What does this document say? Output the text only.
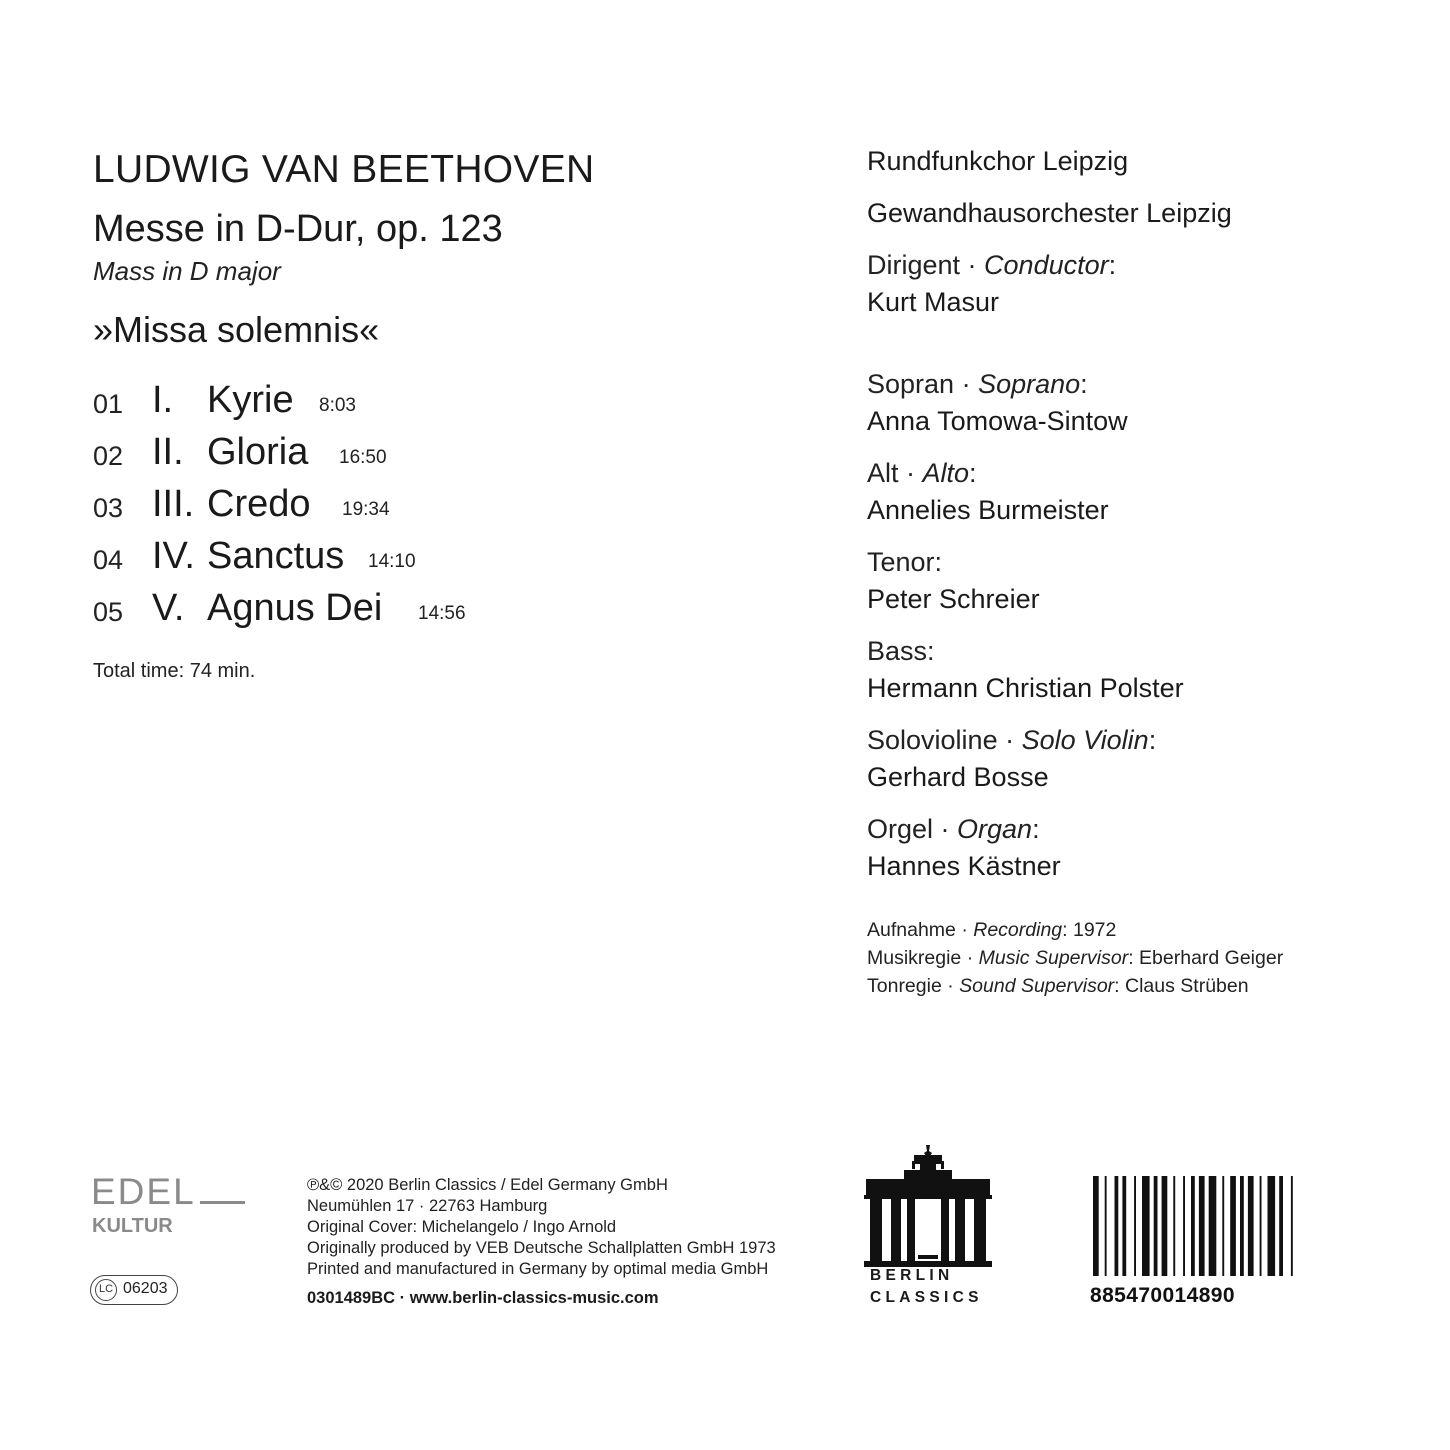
LUDWIG VAN BEETHOVEN
Messe in D-Dur, op. 123
Mass in D major
»Missa solemnis«
01 I. Kyrie 8:03
02 II. Gloria 16:50
03 III. Credo 19:34
04 IV. Sanctus 14:10
05 V. Agnus Dei 14:56
Total time: 74 min.
Rundfunkchor Leipzig
Gewandhausorchester Leipzig
Dirigent · Conductor:
Kurt Masur
Sopran · Soprano:
Anna Tomowa-Sintow
Alt · Alto:
Annelies Burmeister
Tenor:
Peter Schreier
Bass:
Hermann Christian Polster
Solovioline · Solo Violin:
Gerhard Bosse
Orgel · Organ:
Hannes Kästner
Aufnahme · Recording: 1972
Musikregie · Music Supervisor: Eberhard Geiger
Tonregie · Sound Supervisor: Claus Strüben
EDEL
KULTUR
LC 06203
℗&© 2020 Berlin Classics / Edel Germany GmbH
Neumühlen 17 · 22763 Hamburg
Original Cover: Michelangelo / Ingo Arnold
Originally produced by VEB Deutsche Schallplatten GmbH 1973
Printed and manufactured in Germany by optimal media GmbH
0301489BC · www.berlin-classics-music.com
BERLIN
CLASSICS	885470014890
